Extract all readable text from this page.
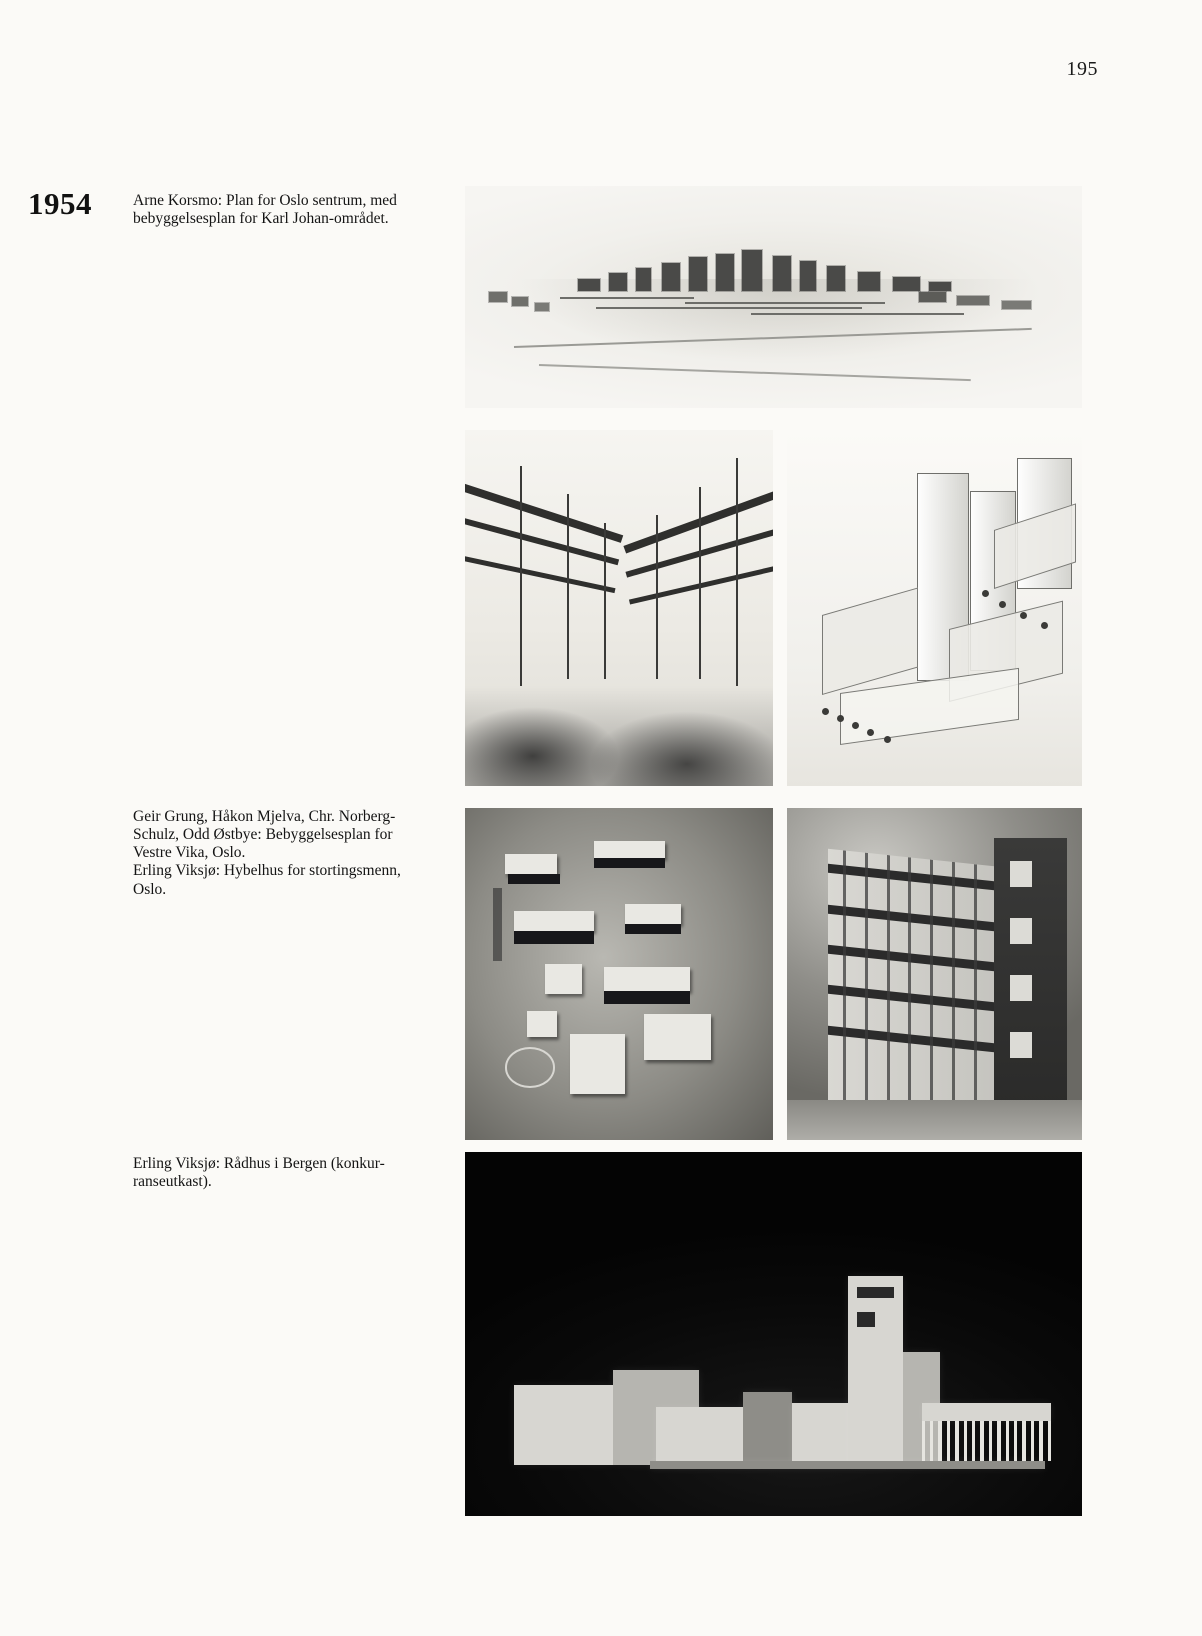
195
1954	Arne Korsmo: Plan for Oslo sentrum, med
bebyggelsesplan for Karl Johan-området.
Geir Grung, Håkon Mjelva, Chr. Norberg-
Schulz, Odd Østbye: Bebyggelsesplan for
Vestre Vika, Oslo.
Erling Viksjø: Hybelhus for stortingsmenn,
Oslo.
Erling Viksjø: Rådhus i Bergen (konkur-
ranseutkast).
